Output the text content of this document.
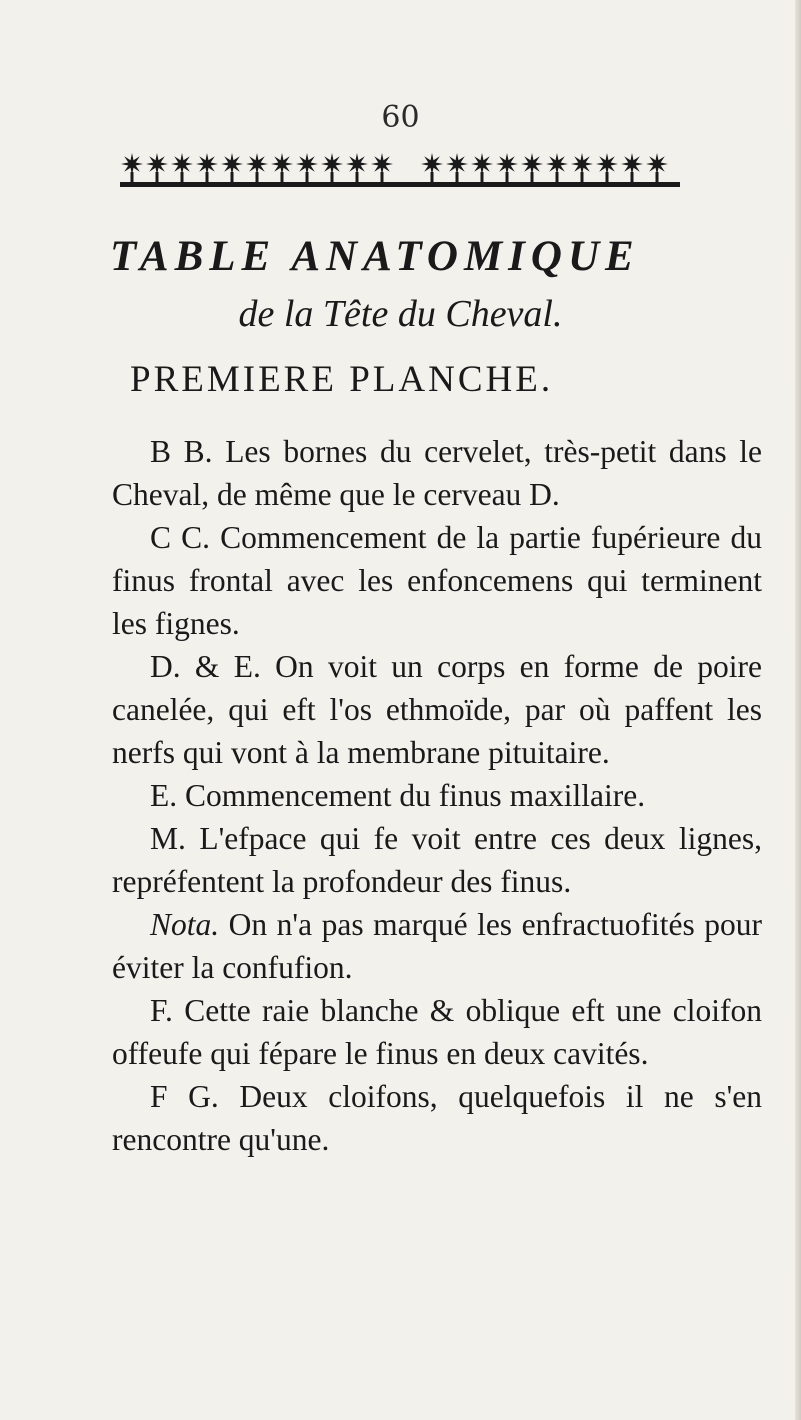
60
TABLE ANATOMIQUE
de la Tête du Cheval.
PREMIERE PLANCHE.

B B. Les bornes du cervelet, très-petit dans le Cheval, de même que le cerveau D.

C C. Commencement de la partie fupérieure du finus frontal avec les enfoncemens qui terminent les fignes.

D. & E. On voit un corps en forme de poire canelée, qui eft l'os ethmoïde, par où paffent les nerfs qui vont à la membrane pituitaire.

E. Commencement du finus maxillaire.

M. L'efpace qui fe voit entre ces deux lignes, repréfentent la profondeur des finus.

Nota. On n'a pas marqué les enfractuofités pour éviter la confufion.

F. Cette raie blanche & oblique eft une cloifon offeufe qui fépare le finus en deux cavités.

F G. Deux cloifons, quelquefois il ne s'en rencontre qu'une.
